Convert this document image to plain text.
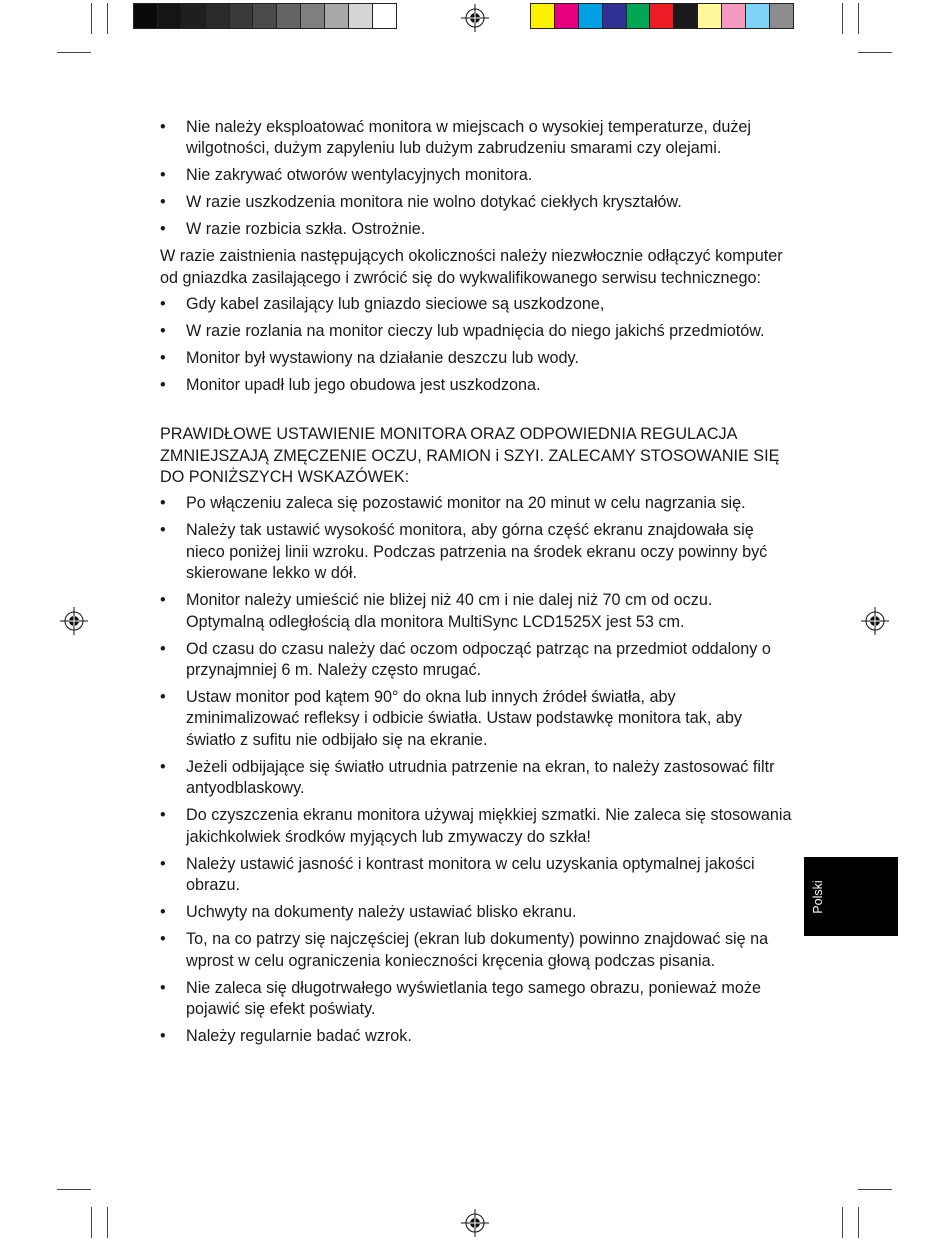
• Nie należy eksploatować monitora w miejscach o wysokiej temperaturze, dużej wilgotności, dużym zapyleniu lub dużym zabrudzeniu smarami czy olejami.
• Nie zakrywać otworów wentylacyjnych monitora.
• W razie uszkodzenia monitora nie wolno dotykać ciekłych kryształów.
• W razie rozbicia szkła. Ostrożnie.

W razie zaistnienia następujących okoliczności należy niezwłocznie odłączyć komputer od gniazdka zasilającego i zwrócić się do wykwalifikowanego serwisu technicznego:

• Gdy kabel zasilający lub gniazdo sieciowe są uszkodzone,
• W razie rozlania na monitor cieczy lub wpadnięcia do niego jakichś przedmiotów.
• Monitor był wystawiony na działanie deszczu lub wody.
• Monitor upadł lub jego obudowa jest uszkodzona.

PRAWIDŁOWE USTAWIENIE MONITORA ORAZ ODPOWIEDNIA REGULACJA ZMNIEJSZAJĄ ZMĘCZENIE OCZU, RAMION i SZYI. ZALECAMY STOSOWANIE SIĘ DO PONIŻSZYCH WSKAZÓWEK:

• Po włączeniu zaleca się pozostawić monitor na 20 minut w celu nagrzania się.
• Należy tak ustawić wysokość monitora, aby górna część ekranu znajdowała się nieco poniżej linii wzroku. Podczas patrzenia na środek ekranu oczy powinny być skierowane lekko w dół.
• Monitor należy umieścić nie bliżej niż 40 cm i nie dalej niż 70 cm od oczu. Optymalną odległością dla monitora MultiSync LCD1525X jest 53 cm.
• Od czasu do czasu należy dać oczom odpocząć patrząc na przedmiot oddalony o przynajmniej 6 m. Należy często mrugać.
• Ustaw monitor pod kątem 90° do okna lub innych źródeł światła, aby zminimalizować refleksy i odbicie światła. Ustaw podstawkę monitora tak, aby światło z sufitu nie odbijało się na ekranie.
• Jeżeli odbijające się światło utrudnia patrzenie na ekran, to należy zastosować filtr antyodblaskowy.
• Do czyszczenia ekranu monitora używaj miękkiej szmatki. Nie zaleca się stosowania jakichkolwiek środków myjących lub zmywaczy do szkła!
• Należy ustawić jasność i kontrast monitora w celu uzyskania optymalnej jakości obrazu.
• Uchwyty na dokumenty należy ustawiać blisko ekranu.
• To, na co patrzy się najczęściej (ekran lub dokumenty) powinno znajdować się na wprost w celu ograniczenia konieczności kręcenia głową podczas pisania.
• Nie zaleca się długotrwałego wyświetlania tego samego obrazu, ponieważ może pojawić się efekt poświaty.
• Należy regularnie badać wzrok.
Polski
